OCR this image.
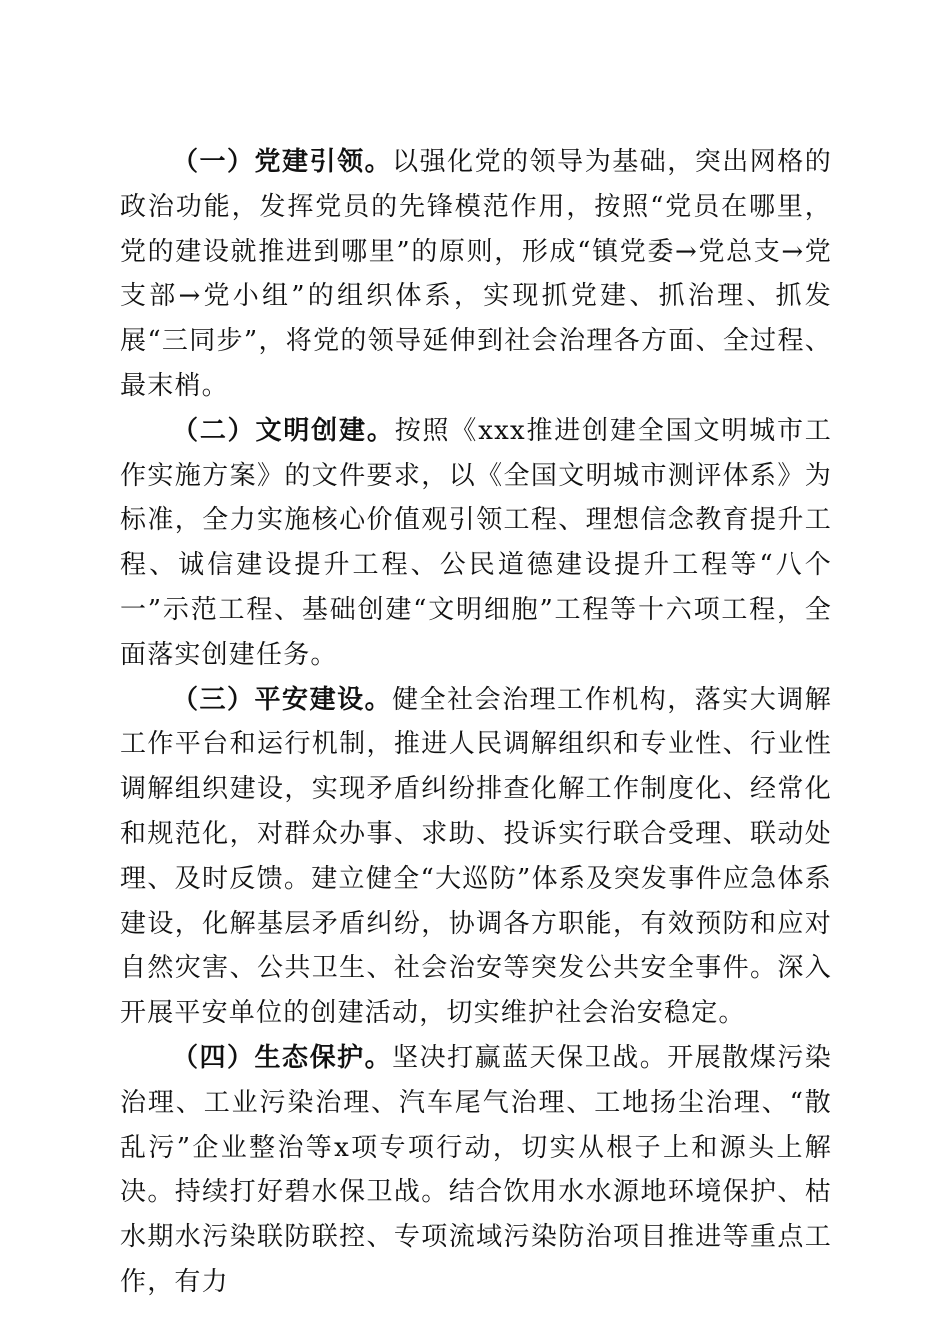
（一）党建引领。以强化党的领导为基础，突出网格的政治功能，发挥党员的先锋模范作用，按照“党员在哪里，党的建设就推进到哪里”的原则，形成“镇党委→党总支→党支部→党小组”的组织体系，实现抓党建、抓治理、抓发展“三同步”，将党的领导延伸到社会治理各方面、全过程、最末梢。

（二）文明创建。按照《xxx推进创建全国文明城市工作实施方案》的文件要求，以《全国文明城市测评体系》为标准，全力实施核心价值观引领工程、理想信念教育提升工程、诚信建设提升工程、公民道德建设提升工程等“八个一”示范工程、基础创建“文明细胞”工程等十六项工程，全面落实创建任务。

（三）平安建设。健全社会治理工作机构，落实大调解工作平台和运行机制，推进人民调解组织和专业性、行业性调解组织建设，实现矛盾纠纷排查化解工作制度化、经常化和规范化，对群众办事、求助、投诉实行联合受理、联动处理、及时反馈。建立健全“大巡防”体系及突发事件应急体系建设，化解基层矛盾纠纷，协调各方职能，有效预防和应对自然灾害、公共卫生、社会治安等突发公共安全事件。深入开展平安单位的创建活动，切实维护社会治安稳定。

（四）生态保护。坚决打赢蓝天保卫战。开展散煤污染治理、工业污染治理、汽车尾气治理、工地扬尘治理、“散乱污”企业整治等x项专项行动，切实从根子上和源头上解决。持续打好碧水保卫战。结合饮用水水源地环境保护、枯水期水污染联防联控、专项流域污染防治项目推进等重点工作，有力
